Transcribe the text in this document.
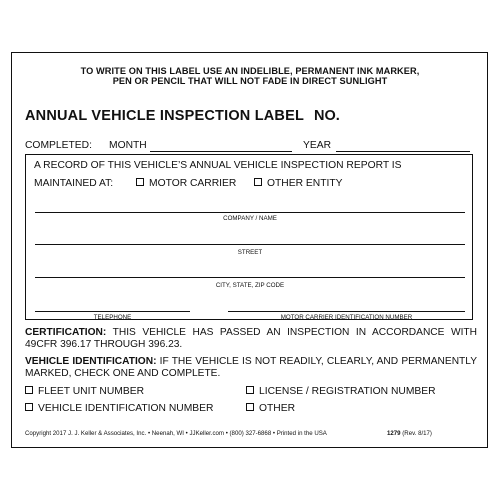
TO WRITE ON THIS LABEL USE AN INDELIBLE, PERMANENT INK MARKER,
PEN OR PENCIL THAT WILL NOT FADE IN DIRECT SUNLIGHT
ANNUAL VEHICLE INSPECTION LABEL NO.
COMPLETED: MONTH	YEAR
A RECORD OF THIS VEHICLE’S ANNUAL VEHICLE INSPECTION REPORT IS
MAINTAINED AT:	MOTOR CARRIER	OTHER ENTITY
COMPANY / NAME
STREET
CITY, STATE, ZIP CODE
TELEPHONE	MOTOR CARRIER IDENTIFICATION NUMBER
CERTIFICATION: THIS VEHICLE HAS PASSED AN INSPECTION IN ACCORDANCE WITH 49CFR 396.17 THROUGH 396.23.
VEHICLE IDENTIFICATION: IF THE VEHICLE IS NOT READILY, CLEARLY, AND PERMANENTLY MARKED, CHECK ONE AND COMPLETE.
FLEET UNIT NUMBER	LICENSE / REGISTRATION NUMBER
VEHICLE IDENTIFICATION NUMBER	OTHER
Copyright 2017 J. J. Keller & Associates, Inc. • Neenah, WI • JJKeller.com • (800) 327-6868 • Printed in the USA	1279 (Rev. 8/17)
